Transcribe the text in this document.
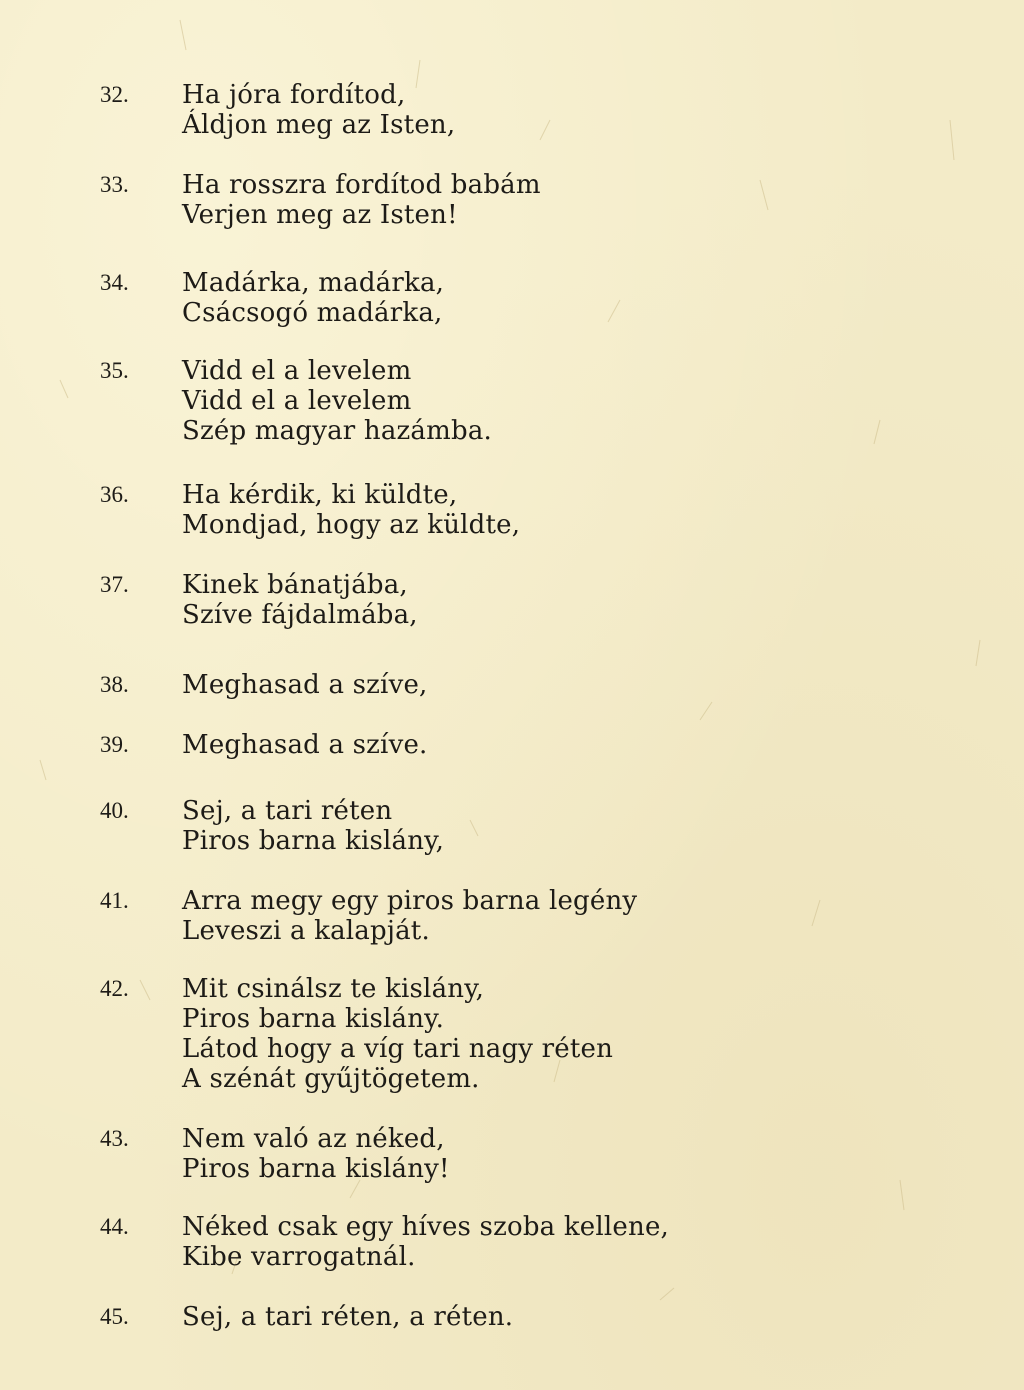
32.	Ha jóra fordítod,
Áldjon meg az Isten,
33.	Ha rosszra fordítod babám
Verjen meg az Isten!
34.	Madárka, madárka,
Csácsogó madárka,
35.	Vidd el a levelem
Vidd el a levelem
Szép magyar hazámba.
36.	Ha kérdik, ki küldte,
Mondjad, hogy az küldte,
37.	Kinek bánatjába,
Szíve fájdalmába,
38.	Meghasad a szíve,
39.	Meghasad a szíve.
40.	Sej, a tari réten
Piros barna kislány,
41.	Arra megy egy piros barna legény
Leveszi a kalapját.
42.	Mit csinálsz te kislány,
Piros barna kislány.
Látod hogy a víg tari nagy réten
A szénát gyűjtögetem.
43.	Nem való az néked,
Piros barna kislány!
44.	Néked csak egy híves szoba kellene,
Kibe varrogatnál.
45.	Sej, a tari réten, a réten.
